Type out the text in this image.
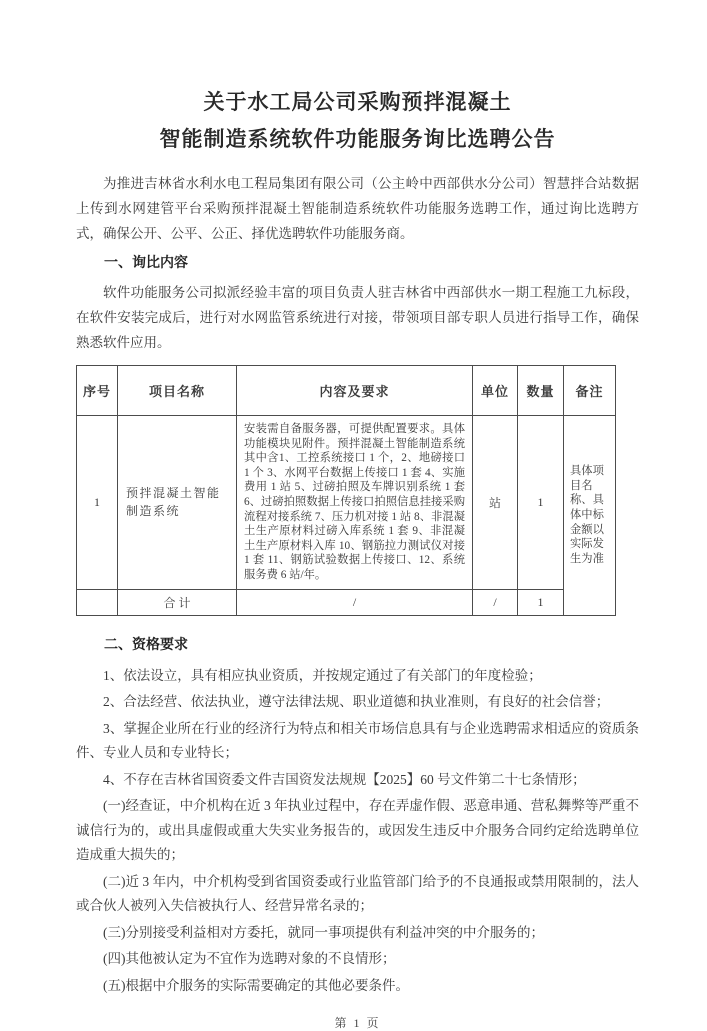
关于水工局公司采购预拌混凝土
智能制造系统软件功能服务询比选聘公告

为推进吉林省水利水电工程局集团有限公司（公主岭中西部供水分公司）智慧拌合站数据上传到水网建管平台采购预拌混凝土智能制造系统软件功能服务选聘工作，通过询比选聘方式，确保公开、公平、公正、择优选聘软件功能服务商。

一、询比内容

软件功能服务公司拟派经验丰富的项目负责人驻吉林省中西部供水一期工程施工九标段，在软件安装完成后，进行对水网监管系统进行对接，带领项目部专职人员进行指导工作，确保熟悉软件应用。

序号	项目名称	内容及要求	单位	数量	备注
1	预拌混凝土智能制造系统	安装需自备服务器，可提供配置要求。具体功能模块见附件。预拌混凝土智能制造系统其中含1、工控系统接口 1 个，2、地磅接口 1 个 3、水网平台数据上传接口 1 套 4、实施费用 1 站 5、过磅拍照及车牌识别系统 1 套 6、过磅拍照数据上传接口拍照信息挂接采购流程对接系统 7、压力机对接 1 站 8、非混凝土生产原材料过磅入库系统 1 套 9、非混凝土生产原材料入库 10、钢筋拉力测试仪对接 1 套 11、钢筋试验数据上传接口、12、系统服务费 6 站/年。	站	1	具体项目名称、具体中标金额以实际发生为准
	合 计	/	/	1	

二、资格要求

1、依法设立，具有相应执业资质，并按规定通过了有关部门的年度检验；

2、合法经营、依法执业，遵守法律法规、职业道德和执业准则，有良好的社会信誉；

3、掌握企业所在行业的经济行为特点和相关市场信息具有与企业选聘需求相适应的资质条件、专业人员和专业特长；

4、不存在吉林省国资委文件吉国资发法规规【2025】60 号文件第二十七条情形；

(一)经查证，中介机构在近 3 年执业过程中，存在弄虚作假、恶意串通、营私舞弊等严重不诚信行为的，或出具虚假或重大失实业务报告的，或因发生违反中介服务合同约定给选聘单位造成重大损失的；

(二)近 3 年内，中介机构受到省国资委或行业监管部门给予的不良通报或禁用限制的，法人或合伙人被列入失信被执行人、经营异常名录的；

(三)分别接受利益相对方委托，就同一事项提供有利益冲突的中介服务的；

(四)其他被认定为不宜作为选聘对象的不良情形；

(五)根据中介服务的实际需要确定的其他必要条件。

第 1 页
